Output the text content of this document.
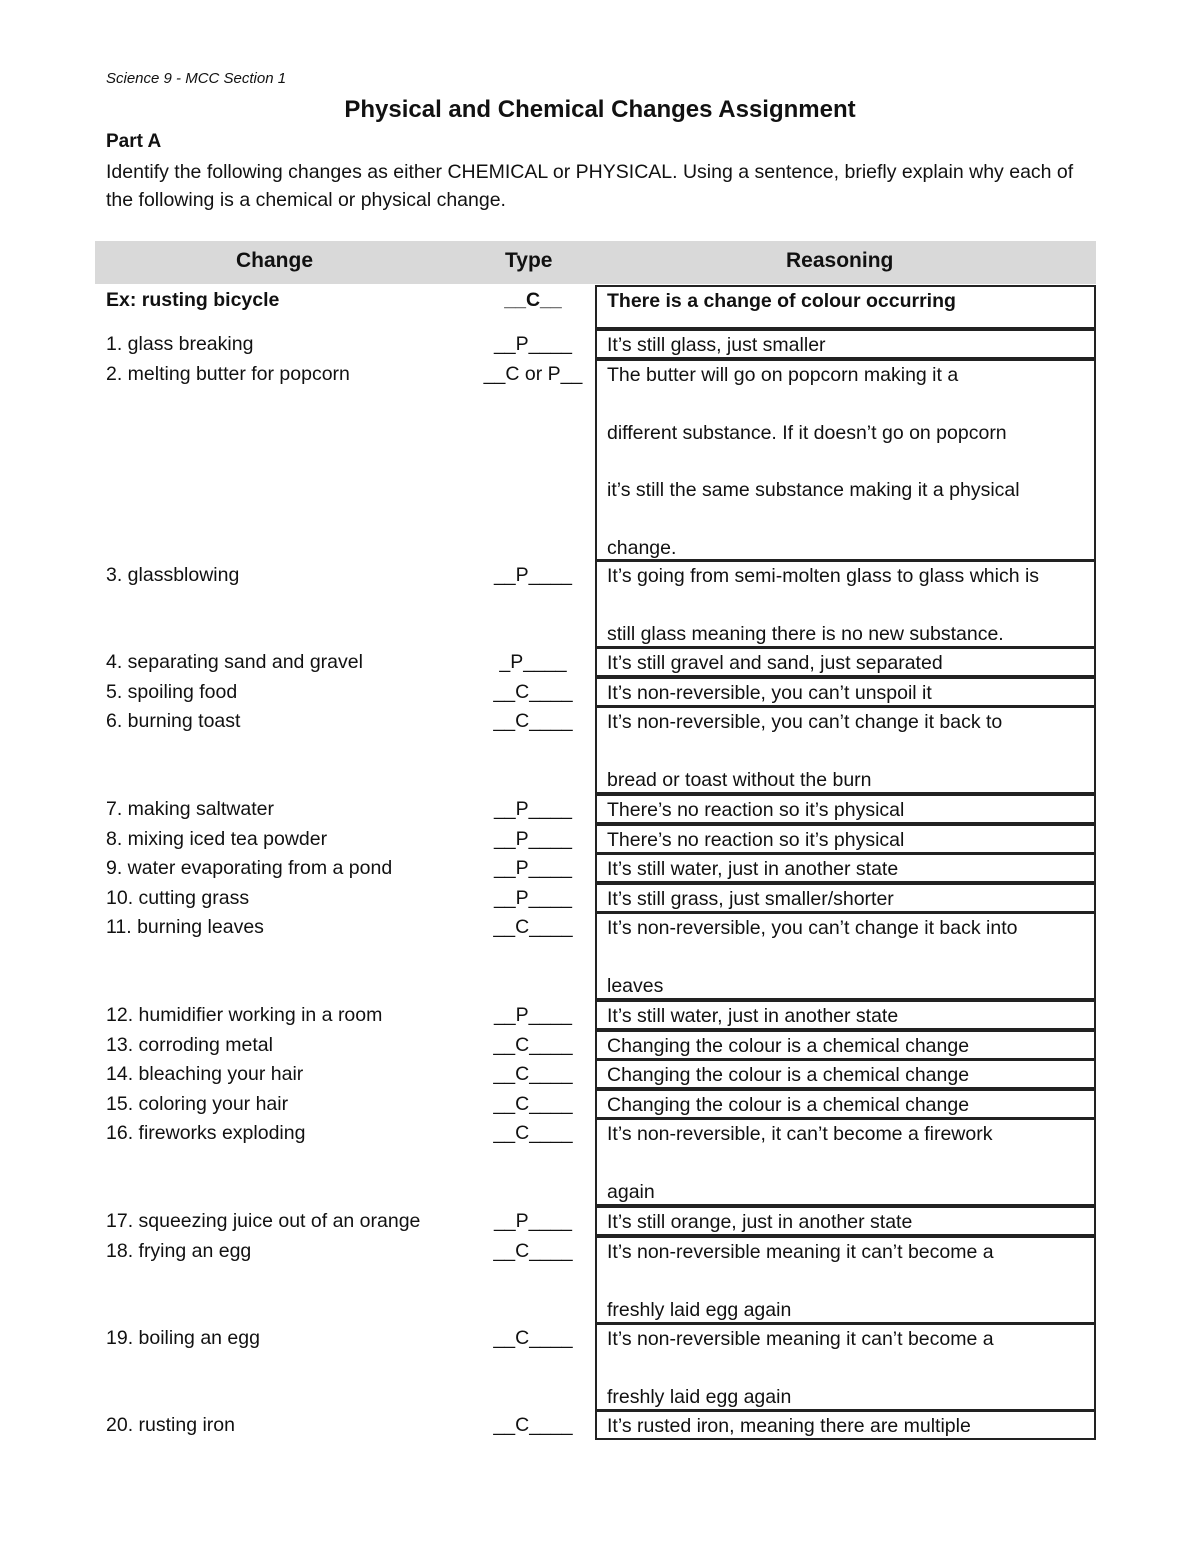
Science 9 - MCC Section 1
Physical and Chemical Changes Assignment
Part A
Identify the following changes as either CHEMICAL or PHYSICAL. Using a sentence, briefly explain why each of the following is a chemical or physical change.
Change	Type	Reasoning
Ex: rusting bicycle	__C__	There is a change of colour occurring
1. glass breaking	__P____	It’s still glass, just smaller
2. melting butter for popcorn	__C or P__	The butter will go on popcorn making it a
different substance. If it doesn’t go on popcorn
it’s still the same substance making it a physical
change.
3. glassblowing	__P____	It’s going from semi-molten glass to glass which is
still glass meaning there is no new substance.
4. separating sand and gravel	_P____	It’s still gravel and sand, just separated
5. spoiling food	__C____	It’s non-reversible, you can’t unspoil it
6. burning toast	__C____	It’s non-reversible, you can’t change it back to
bread or toast without the burn
7. making saltwater	__P____	There’s no reaction so it’s physical
8. mixing iced tea powder	__P____	There’s no reaction so it’s physical
9. water evaporating from a pond	__P____	It’s still water, just in another state
10. cutting grass	__P____	It’s still grass, just smaller/shorter
11. burning leaves	__C____	It’s non-reversible, you can’t change it back into
leaves
12. humidifier working in a room	__P____	It’s still water, just in another state
13. corroding metal	__C____	Changing the colour is a chemical change
14. bleaching your hair	__C____	Changing the colour is a chemical change
15. coloring your hair	__C____	Changing the colour is a chemical change
16. fireworks exploding	__C____	It’s non-reversible, it can’t become a firework
again
17. squeezing juice out of an orange	__P____	It’s still orange, just in another state
18. frying an egg	__C____	It’s non-reversible meaning it can’t become a
freshly laid egg again
19. boiling an egg	__C____	It’s non-reversible meaning it can’t become a
freshly laid egg again
20. rusting iron	__C____	It’s rusted iron, meaning there are multiple
